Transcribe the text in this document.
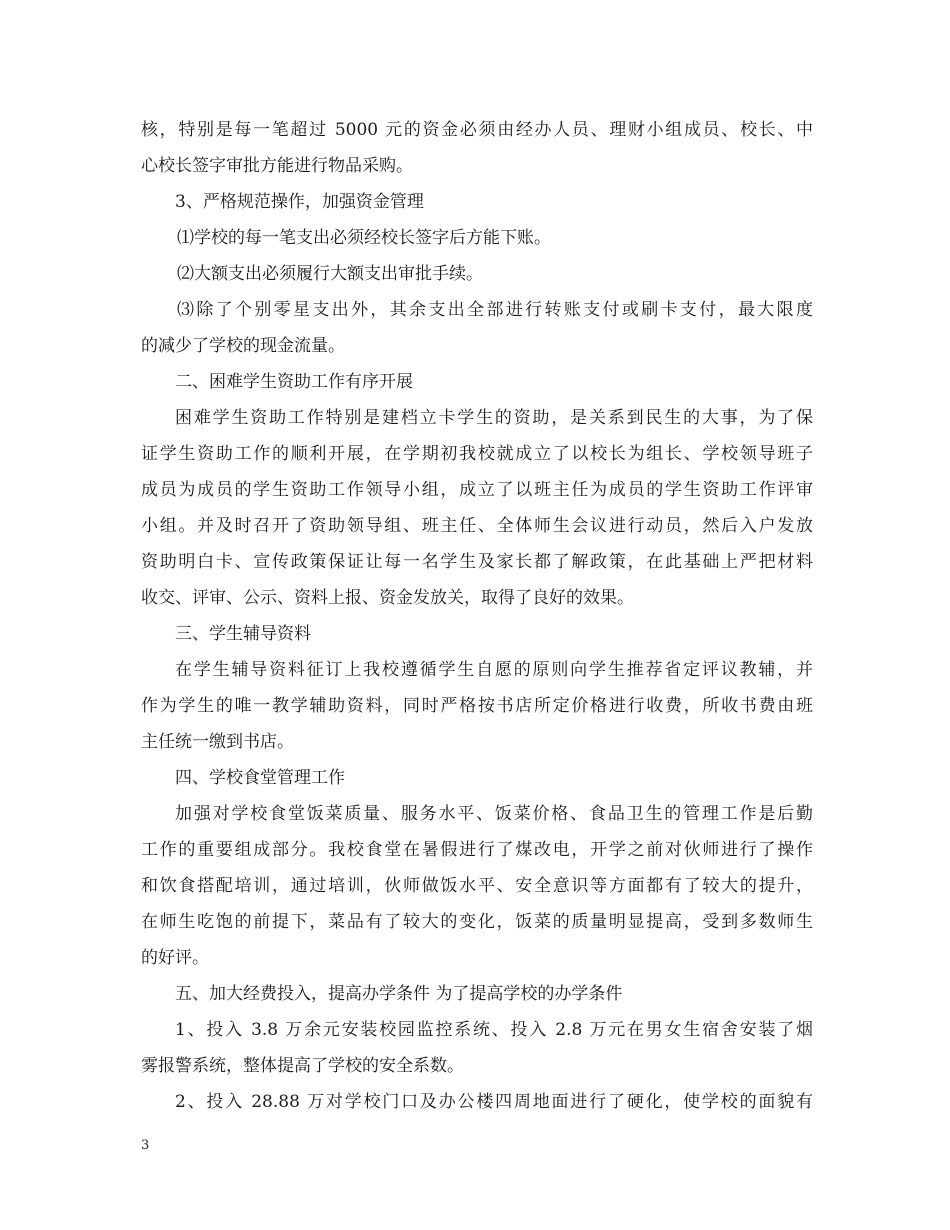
核，特别是每一笔超过 5000 元的资金必须由经办人员、理财小组成员、校长、中
心校长签字审批方能进行物品采购。
3、严格规范操作，加强资金管理
⑴学校的每一笔支出必须经校长签字后方能下账。
⑵大额支出必须履行大额支出审批手续。
⑶除了个别零星支出外，其余支出全部进行转账支付或刷卡支付，最大限度
的减少了学校的现金流量。
二、困难学生资助工作有序开展
困难学生资助工作特别是建档立卡学生的资助，是关系到民生的大事，为了保
证学生资助工作的顺利开展，在学期初我校就成立了以校长为组长、学校领导班子
成员为成员的学生资助工作领导小组，成立了以班主任为成员的学生资助工作评审
小组。并及时召开了资助领导组、班主任、全体师生会议进行动员，然后入户发放
资助明白卡、宣传政策保证让每一名学生及家长都了解政策，在此基础上严把材料
收交、评审、公示、资料上报、资金发放关，取得了良好的效果。
三、学生辅导资料
在学生辅导资料征订上我校遵循学生自愿的原则向学生推荐省定评议教辅，并
作为学生的唯一教学辅助资料，同时严格按书店所定价格进行收费，所收书费由班
主任统一缴到书店。
四、学校食堂管理工作
加强对学校食堂饭菜质量、服务水平、饭菜价格、食品卫生的管理工作是后勤
工作的重要组成部分。我校食堂在暑假进行了煤改电，开学之前对伙师进行了操作
和饮食搭配培训，通过培训，伙师做饭水平、安全意识等方面都有了较大的提升，
在师生吃饱的前提下，菜品有了较大的变化，饭菜的质量明显提高，受到多数师生
的好评。
五、加大经费投入，提高办学条件 为了提高学校的办学条件
1、投入 3.8 万余元安装校园监控系统、投入 2.8 万元在男女生宿舍安装了烟
雾报警系统，整体提高了学校的安全系数。
2、投入 28.88 万对学校门口及办公楼四周地面进行了硬化，使学校的面貌有
3
